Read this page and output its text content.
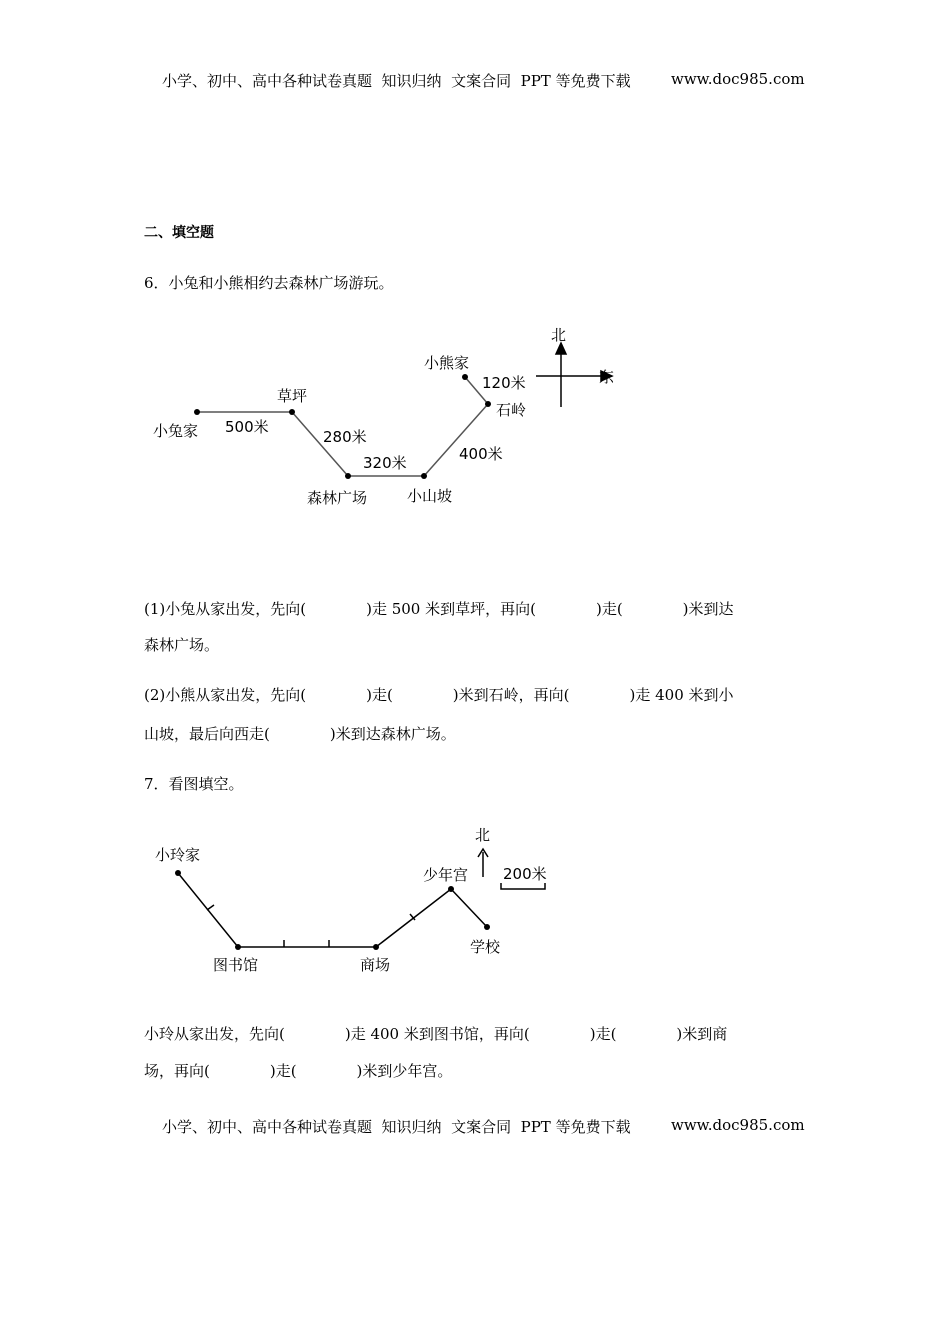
小学、初中、高中各种试卷真题  知识归纳  文案合同  PPT 等免费下载	www.doc985.com
二、填空题
6．小兔和小熊相约去森林广场游玩。
小兔家
草坪
森林广场	小山坡
石岭
小熊家
500米
280米
320米	400米
120米
北
东
小玲家
图书馆	商场
少年宫
学校
北
200米
(1)小兔从家出发，先向(　　　　)走 500 米到草坪，再向(　　　　)走(　　　　)米到达
森林广场。
(2)小熊从家出发，先向(　　　　)走(　　　　)米到石岭，再向(　　　　)走 400 米到小
山坡，最后向西走(　　　　)米到达森林广场。
7．看图填空。
小玲从家出发，先向(　　　　)走 400 米到图书馆，再向(　　　　)走(　　　　)米到商
场，再向(　　　　)走(　　　　)米到少年宫。
小学、初中、高中各种试卷真题  知识归纳  文案合同  PPT 等免费下载	www.doc985.com
